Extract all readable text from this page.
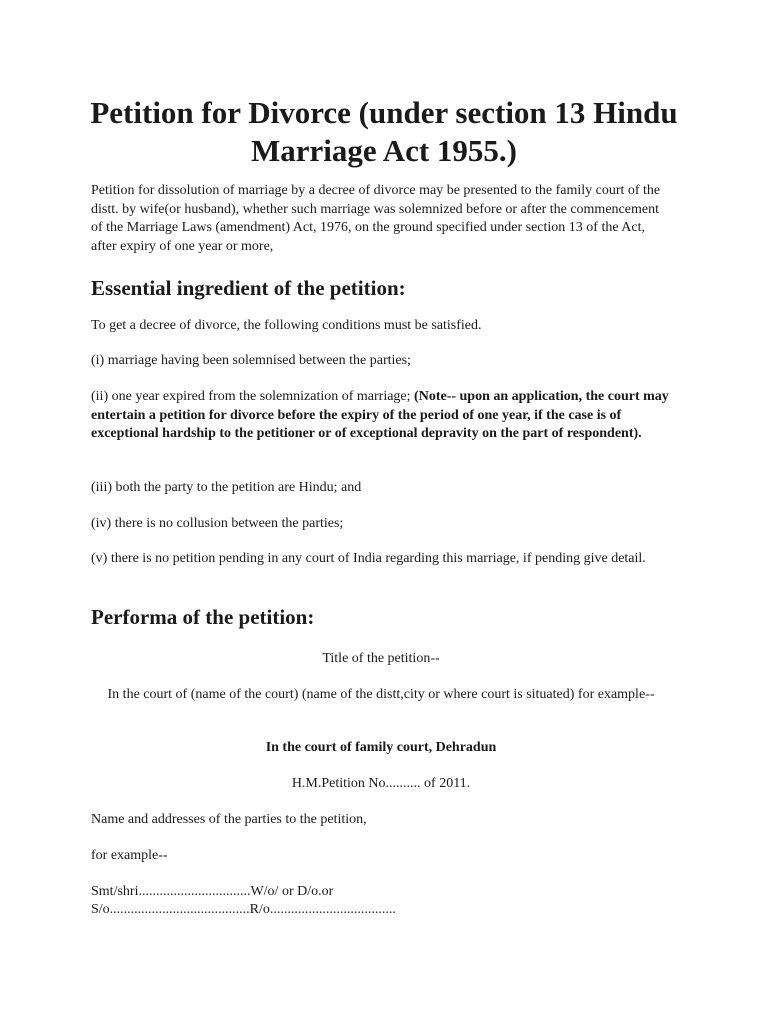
Petition for Divorce (under section 13 Hindu Marriage Act 1955.)

Petition for dissolution of marriage by a decree of divorce may be presented to the family court of the distt. by wife(or husband), whether such marriage was solemnized before or after the commencement of the Marriage Laws (amendment) Act, 1976, on the ground specified under section 13 of the Act, after expiry of one year or more,

Essential ingredient of the petition:

To get a decree of divorce, the following conditions must be satisfied.

(i) marriage having been solemnised between the parties;

(ii) one year expired from the solemnization of marriage; (Note-- upon an application, the court may entertain a petition for divorce before the expiry of the period of one year, if the case is of exceptional hardship to the petitioner or of exceptional depravity on the part of respondent).

(iii) both the party to the petition are Hindu; and

(iv) there is no collusion between the parties;

(v) there is no petition pending in any court of India regarding this marriage, if pending give detail.

Performa of the petition:

Title of the petition--

In the court of (name of the court) (name of the distt,city or where court is situated) for example--

In the court of family court, Dehradun

H.M.Petition No.......... of 2011.

Name and addresses of the parties to the petition,

for example--

Smt/shri................................W/o/ or D/o.or

S/o........................................R/o....................................
